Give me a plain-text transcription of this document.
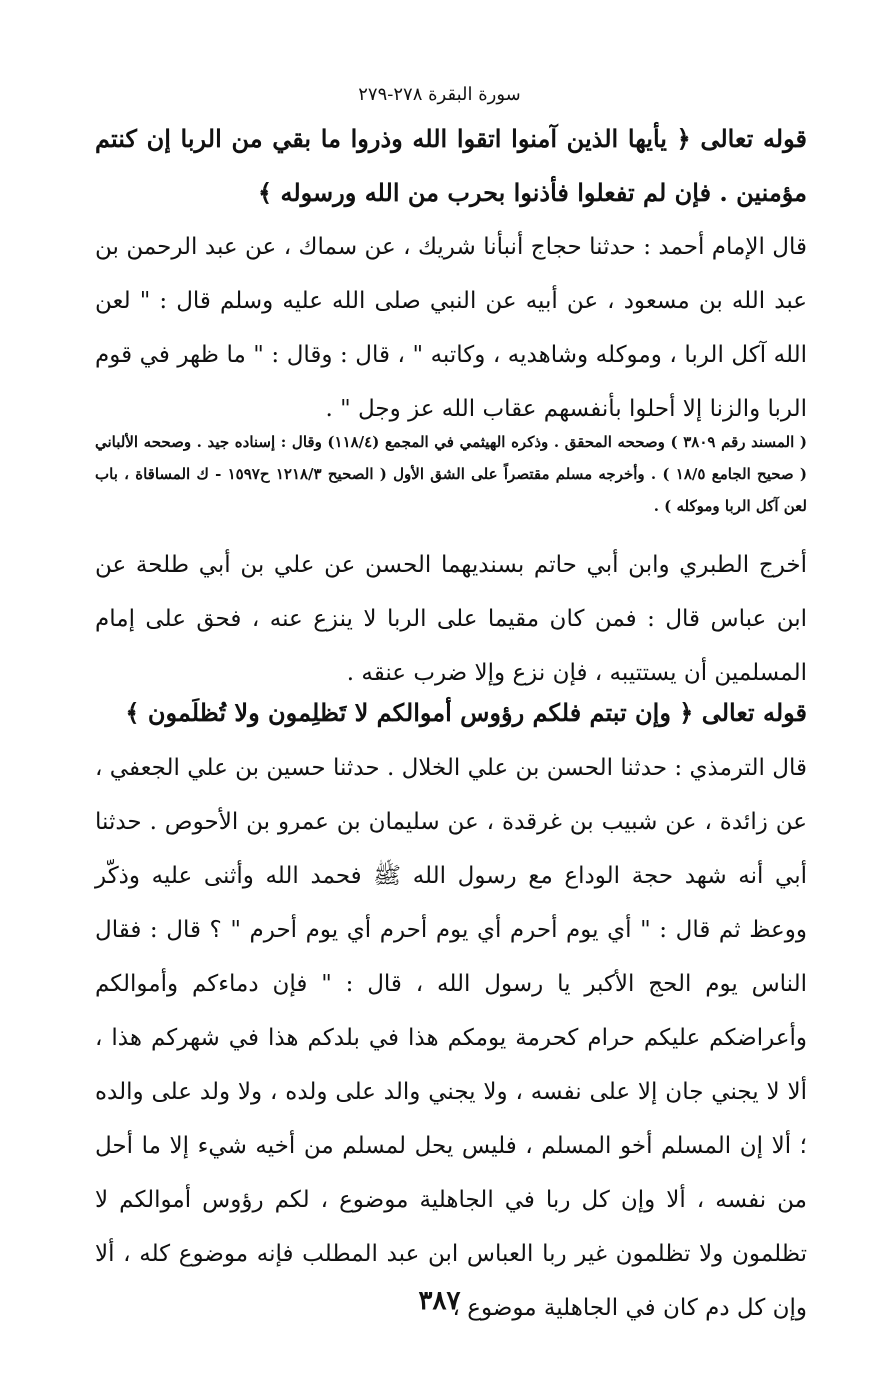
سورة البقرة ٢٧٨-٢٧٩
قوله تعالى ﴿ يأيها الذين آمنوا اتقوا الله وذروا ما بقي من الربا إن كنتم مؤمنين . فإن لم تفعلوا فأذنوا بحرب من الله ورسوله ﴾
قال الإمام أحمد : حدثنا حجاج أنبأنا شريك ، عن سماك ، عن عبد الرحمن بن عبد الله بن مسعود ، عن أبيه عن النبي صلى الله عليه وسلم قال : " لعن الله آكل الربا ، وموكله وشاهديه ، وكاتبه " ، قال : وقال : " ما ظهر في قوم الربا والزنا إلا أحلوا بأنفسهم عقاب الله عز وجل " .
( المسند رقم ٣٨٠٩ ) وصححه المحقق . وذكره الهيثمي في المجمع (١١٨/٤) وقال : إسناده جيد . وصححه الألباني ( صحيح الجامع ١٨/٥ ) . وأخرجه مسلم مقتصراً على الشق الأول ( الصحيح ١٢١٨/٣ ح١٥٩٧ - ك المساقاة ، باب لعن آكل الربا وموكله ) .
أخرج الطبري وابن أبي حاتم بسنديهما الحسن عن علي بن أبي طلحة عن ابن عباس قال : فمن كان مقيما على الربا لا ينزع عنه ، فحق على إمام المسلمين أن يستتيبه ، فإن نزع وإلا ضرب عنقه .
قوله تعالى ﴿ وإن تبتم فلكم رؤوس أموالكم لا تَظلِمون ولا تُظلَمون ﴾
قال الترمذي : حدثنا الحسن بن علي الخلال . حدثنا حسين بن علي الجعفي ، عن زائدة ، عن شبيب بن غرقدة ، عن سليمان بن عمرو بن الأحوص . حدثنا أبي أنه شهد حجة الوداع مع رسول الله ﷺ فحمد الله وأثنى عليه وذكّر ووعظ ثم قال : " أي يوم أحرم أي يوم أحرم أي يوم أحرم " ؟ قال : فقال الناس يوم الحج الأكبر يا رسول الله ، قال : " فإن دماءكم وأموالكم وأعراضكم عليكم حرام كحرمة يومكم هذا في بلدكم هذا في شهركم هذا ، ألا لا يجني جان إلا على نفسه ، ولا يجني والد على ولده ، ولا ولد على والده ؛ ألا إن المسلم أخو المسلم ، فليس يحل لمسلم من أخيه شيء إلا ما أحل من نفسه ، ألا وإن كل ربا في الجاهلية موضوع ، لكم رؤوس أموالكم لا تظلمون ولا تظلمون غير ربا العباس ابن عبد المطلب فإنه موضوع كله ، ألا وإن كل دم كان في الجاهلية موضوع ،
٣٨٧
